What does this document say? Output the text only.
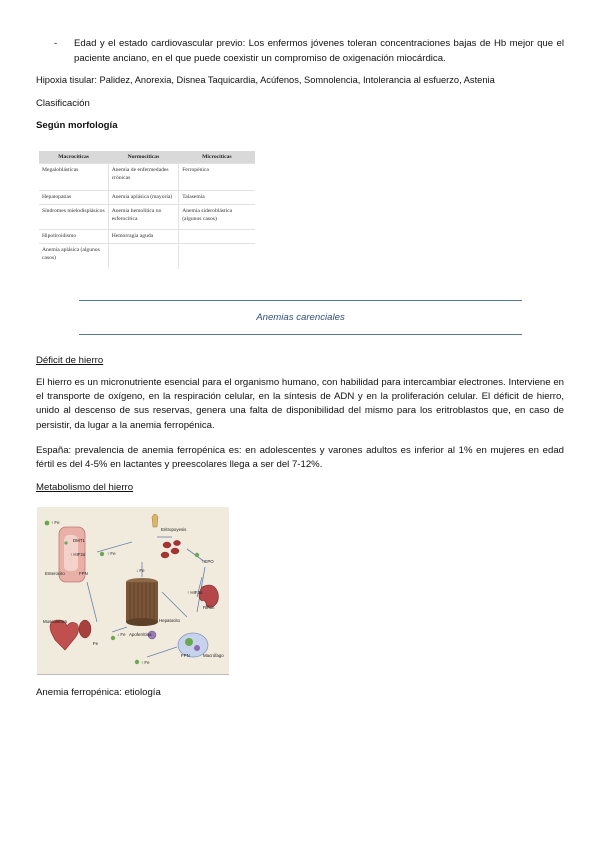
- Edad y el estado cardiovascular previo: Los enfermos jóvenes toleran concentraciones bajas de Hb mejor que el paciente anciano, en el que puede coexistir un compromiso de oxigenación miocárdica.
Hipoxia tisular: Palidez, Anorexia, Disnea Taquicardia, Acúfenos, Somnolencia, Intolerancia al esfuerzo, Astenia
Clasificación
Según morfología
Macrocíticas	Normocíticas	Microcíticas
Megaloblásticas	Anemia de enfermedades crónicas	Ferropénica
Hepatopatías	Anemia aplásica (mayoría)	Talasemia
Síndromes mielodisplásicos	Anemia hemolítica no esferocítica	Anemia sideroblástica (algunos casos)
Hipotiroidismo	Hemorragia aguda	
Anemia aplásica (algunos casos)		
Anemias carenciales
Déficit de hierro
El hierro es un micronutriente esencial para el organismo humano, con habilidad para intercambiar electrones. Interviene en el transporte de oxígeno, en la respiración celular, en la síntesis de ADN y en la proliferación celular. El déficit de hierro, unido al descenso de sus reservas, genera una falta de disponibilidad del mismo para los eritroblastos que, en caso de persistir, da lugar a la anemia ferropénica.
España: prevalencia de anemia ferropénica es: en adolescentes y varones adultos es inferior al 1% en mujeres en edad fértil es del 4-5% en lactantes y preescolares llega a ser del 7-12%.
Metabolismo del hierro
↑ Fe
DMT1
↑ HIF2α
Enterocito	FPN
↑ Fe
Eritropoyesis
↑ EPO
↓ Fe
↑ HIF2α
Riñón
Hepatocito
Musculatura
↓ Fe
Fe
Apoferritina
FPN	Macrófago
↑ Fe
Anemia ferropénica: etiología
